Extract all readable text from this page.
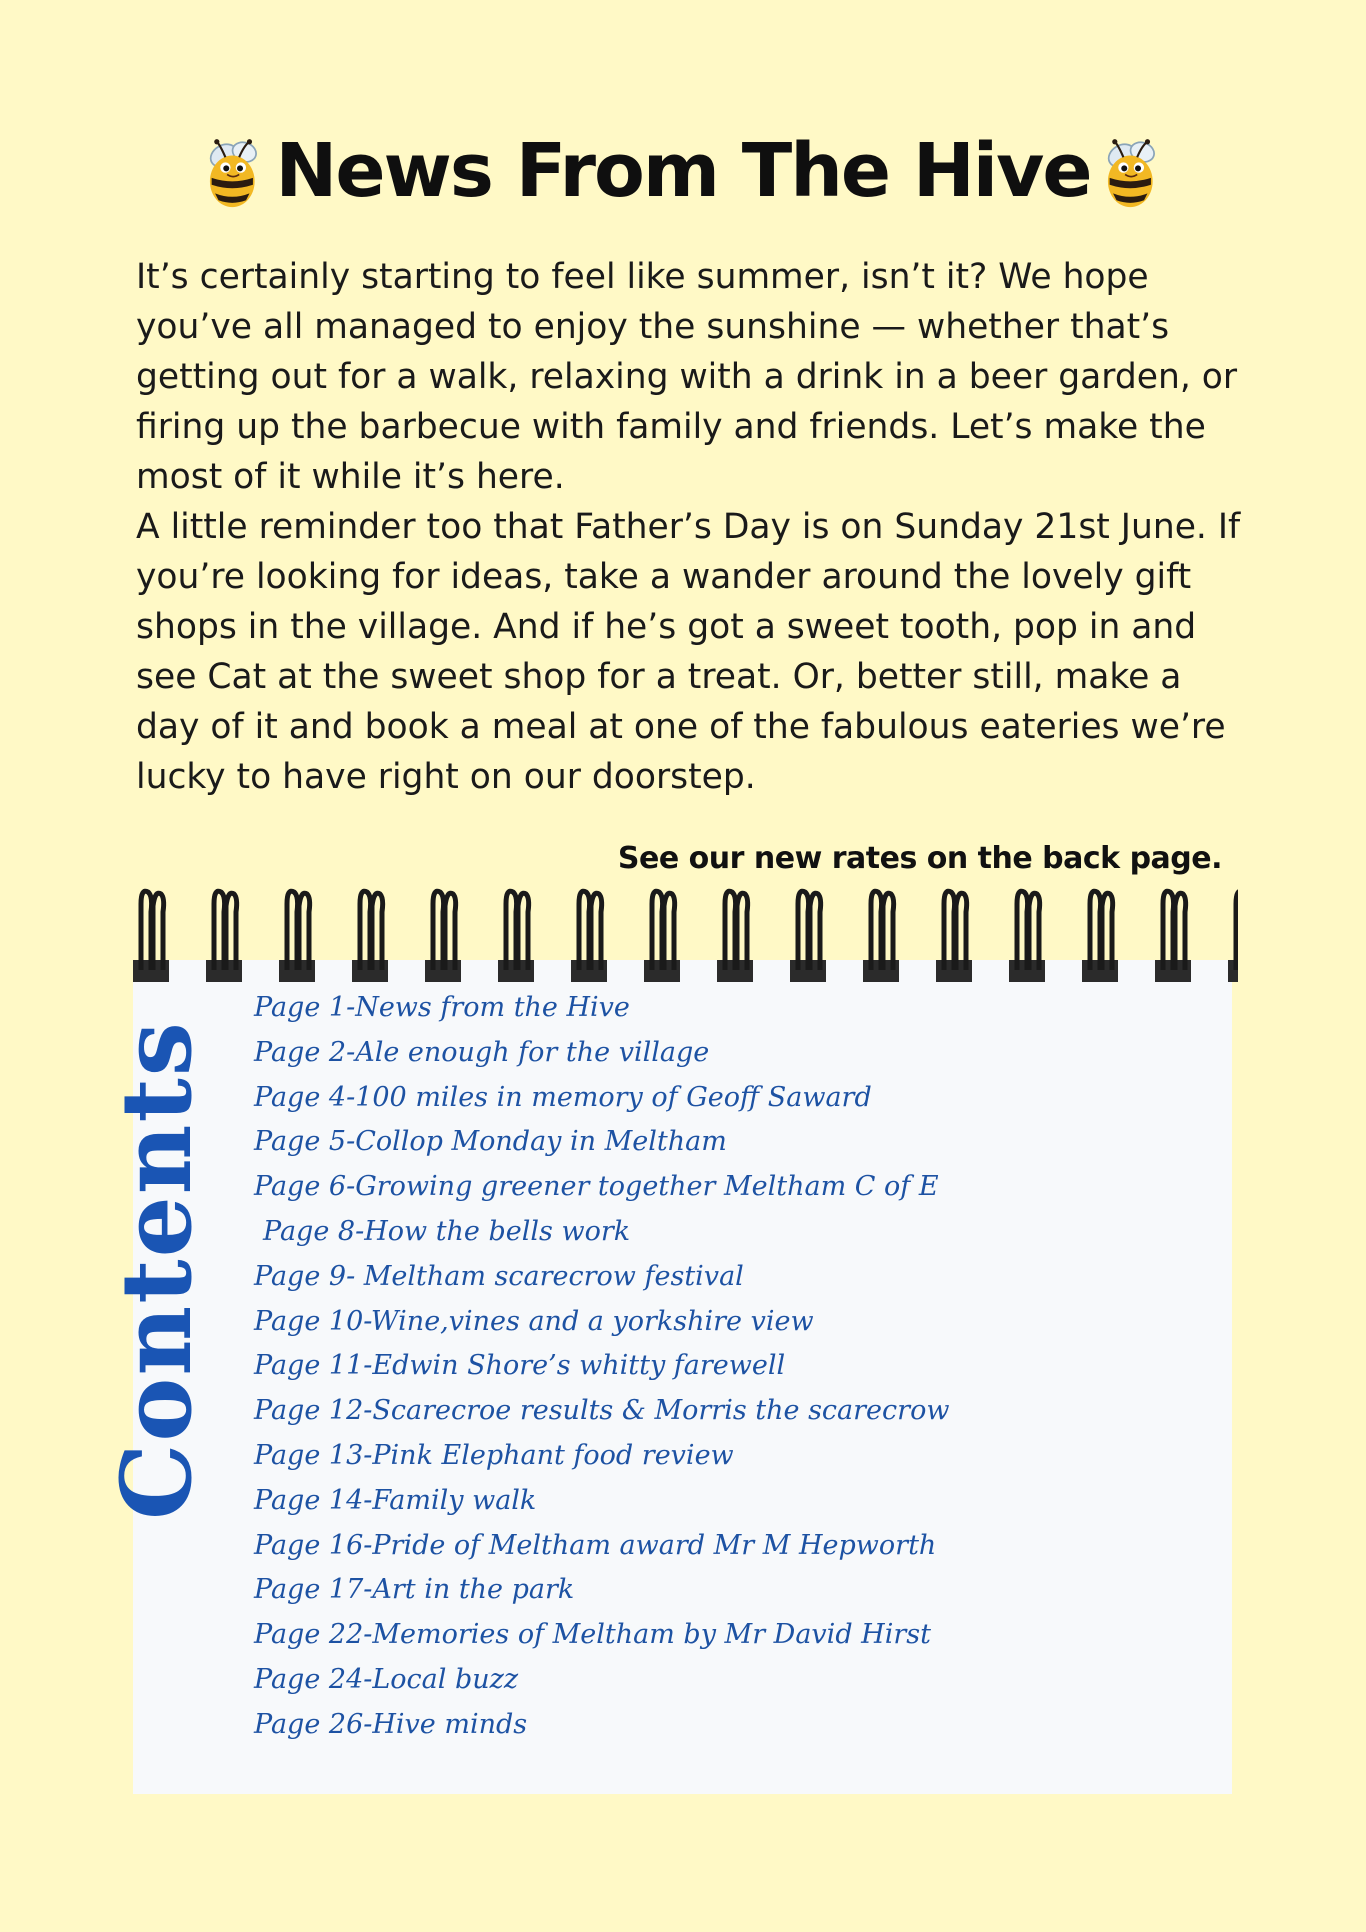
News From The Hive

It’s certainly starting to feel like summer, isn’t it? We hope you’ve all managed to enjoy the sunshine — whether that’s getting out for a walk, relaxing with a drink in a beer garden, or firing up the barbecue with family and friends. Let’s make the most of it while it’s here.

A little reminder too that Father’s Day is on Sunday 21st June. If you’re looking for ideas, take a wander around the lovely gift shops in the village. And if he’s got a sweet tooth, pop in and see Cat at the sweet shop for a treat. Or, better still, make a day of it and book a meal at one of the fabulous eateries we’re lucky to have right on our doorstep.

See our new rates on the back page.
Contents
Page 1-News from the Hive
Page 2-Ale enough for the village
Page 4-100 miles in memory of Geoff Saward
Page 5-Collop Monday in Meltham
Page 6-Growing greener together Meltham C of E
Page 8-How the bells work
Page 9- Meltham scarecrow festival
Page 10-Wine,vines and a yorkshire view
Page 11-Edwin Shore’s whitty farewell
Page 12-Scarecroe results & Morris the scarecrow
Page 13-Pink Elephant food review
Page 14-Family walk
Page 16-Pride of Meltham award Mr M Hepworth
Page 17-Art in the park
Page 22-Memories of Meltham by Mr David Hirst
Page 24-Local buzz
Page 26-Hive minds
